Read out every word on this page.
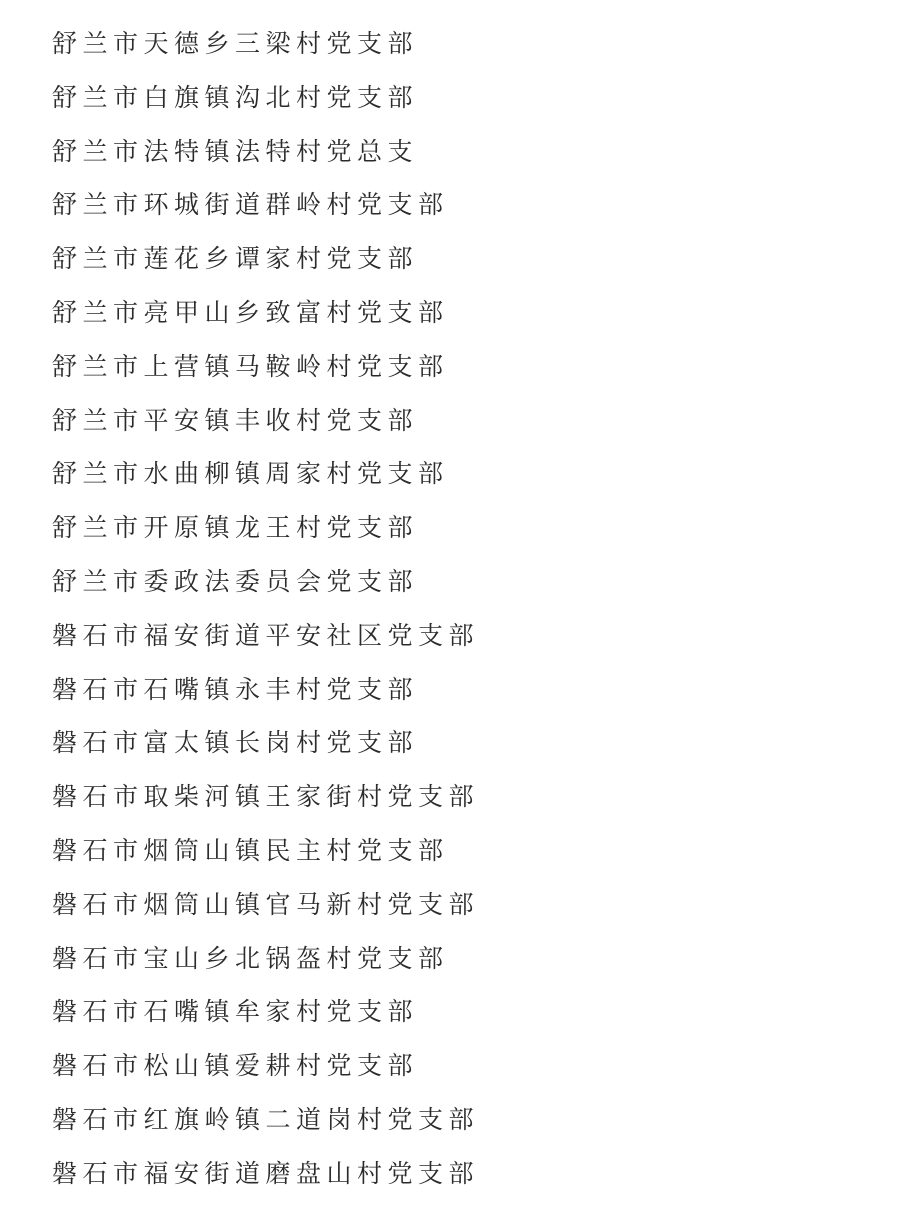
舒兰市天德乡三梁村党支部
舒兰市白旗镇沟北村党支部
舒兰市法特镇法特村党总支
舒兰市环城街道群岭村党支部
舒兰市莲花乡谭家村党支部
舒兰市亮甲山乡致富村党支部
舒兰市上营镇马鞍岭村党支部
舒兰市平安镇丰收村党支部
舒兰市水曲柳镇周家村党支部
舒兰市开原镇龙王村党支部
舒兰市委政法委员会党支部
磐石市福安街道平安社区党支部
磐石市石嘴镇永丰村党支部
磐石市富太镇长岗村党支部
磐石市取柴河镇王家街村党支部
磐石市烟筒山镇民主村党支部
磐石市烟筒山镇官马新村党支部
磐石市宝山乡北锅盔村党支部
磐石市石嘴镇牟家村党支部
磐石市松山镇爱耕村党支部
磐石市红旗岭镇二道岗村党支部
磐石市福安街道磨盘山村党支部
